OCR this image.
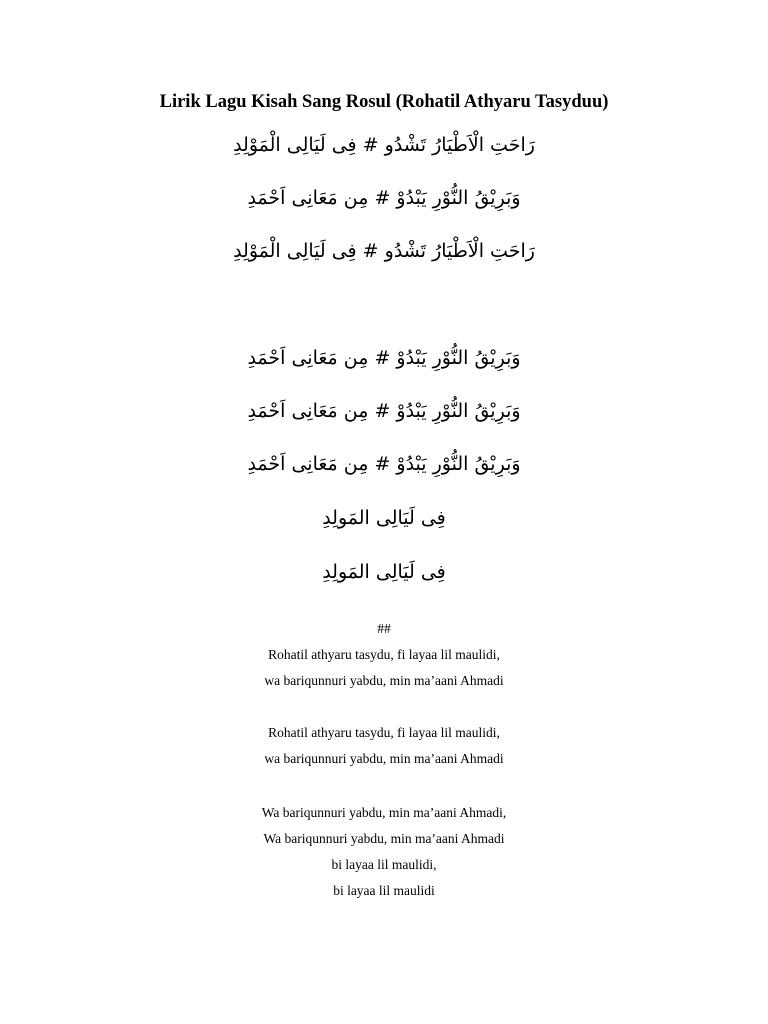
Lirik Lagu Kisah Sang Rosul (Rohatil Athyaru Tasyduu)
رَاحَتِ الْاَطْيَارُ تَشْدُو # فِى لَيَالِى الْمَوْلِدِ
وَبَرِيْقُ النُّوْرِ يَبْدُوْ # مِن مَعَانِى اَحْمَدِ
رَاحَتِ الْاَطْيَارُ تَشْدُو # فِى لَيَالِى الْمَوْلِدِ
وَبَرِيْقُ النُّوْرِ يَبْدُوْ # مِن مَعَانِى اَحْمَدِ
وَبَرِيْقُ النُّوْرِ يَبْدُوْ # مِن مَعَانِى اَحْمَدِ
وَبَرِيْقُ النُّوْرِ يَبْدُوْ # مِن مَعَانِى اَحْمَدِ
فِى لَيَالِى المَولِدِ
فِى لَيَالِى المَولِدِ
##
Rohatil athyaru tasydu, fi layaa lil maulidi,
wa bariqunnuri yabdu, min ma’aani Ahmadi
Rohatil athyaru tasydu, fi layaa lil maulidi,
wa bariqunnuri yabdu, min ma’aani Ahmadi
Wa bariqunnuri yabdu, min ma’aani Ahmadi,
Wa bariqunnuri yabdu, min ma’aani Ahmadi
bi layaa lil maulidi,
bi layaa lil maulidi
